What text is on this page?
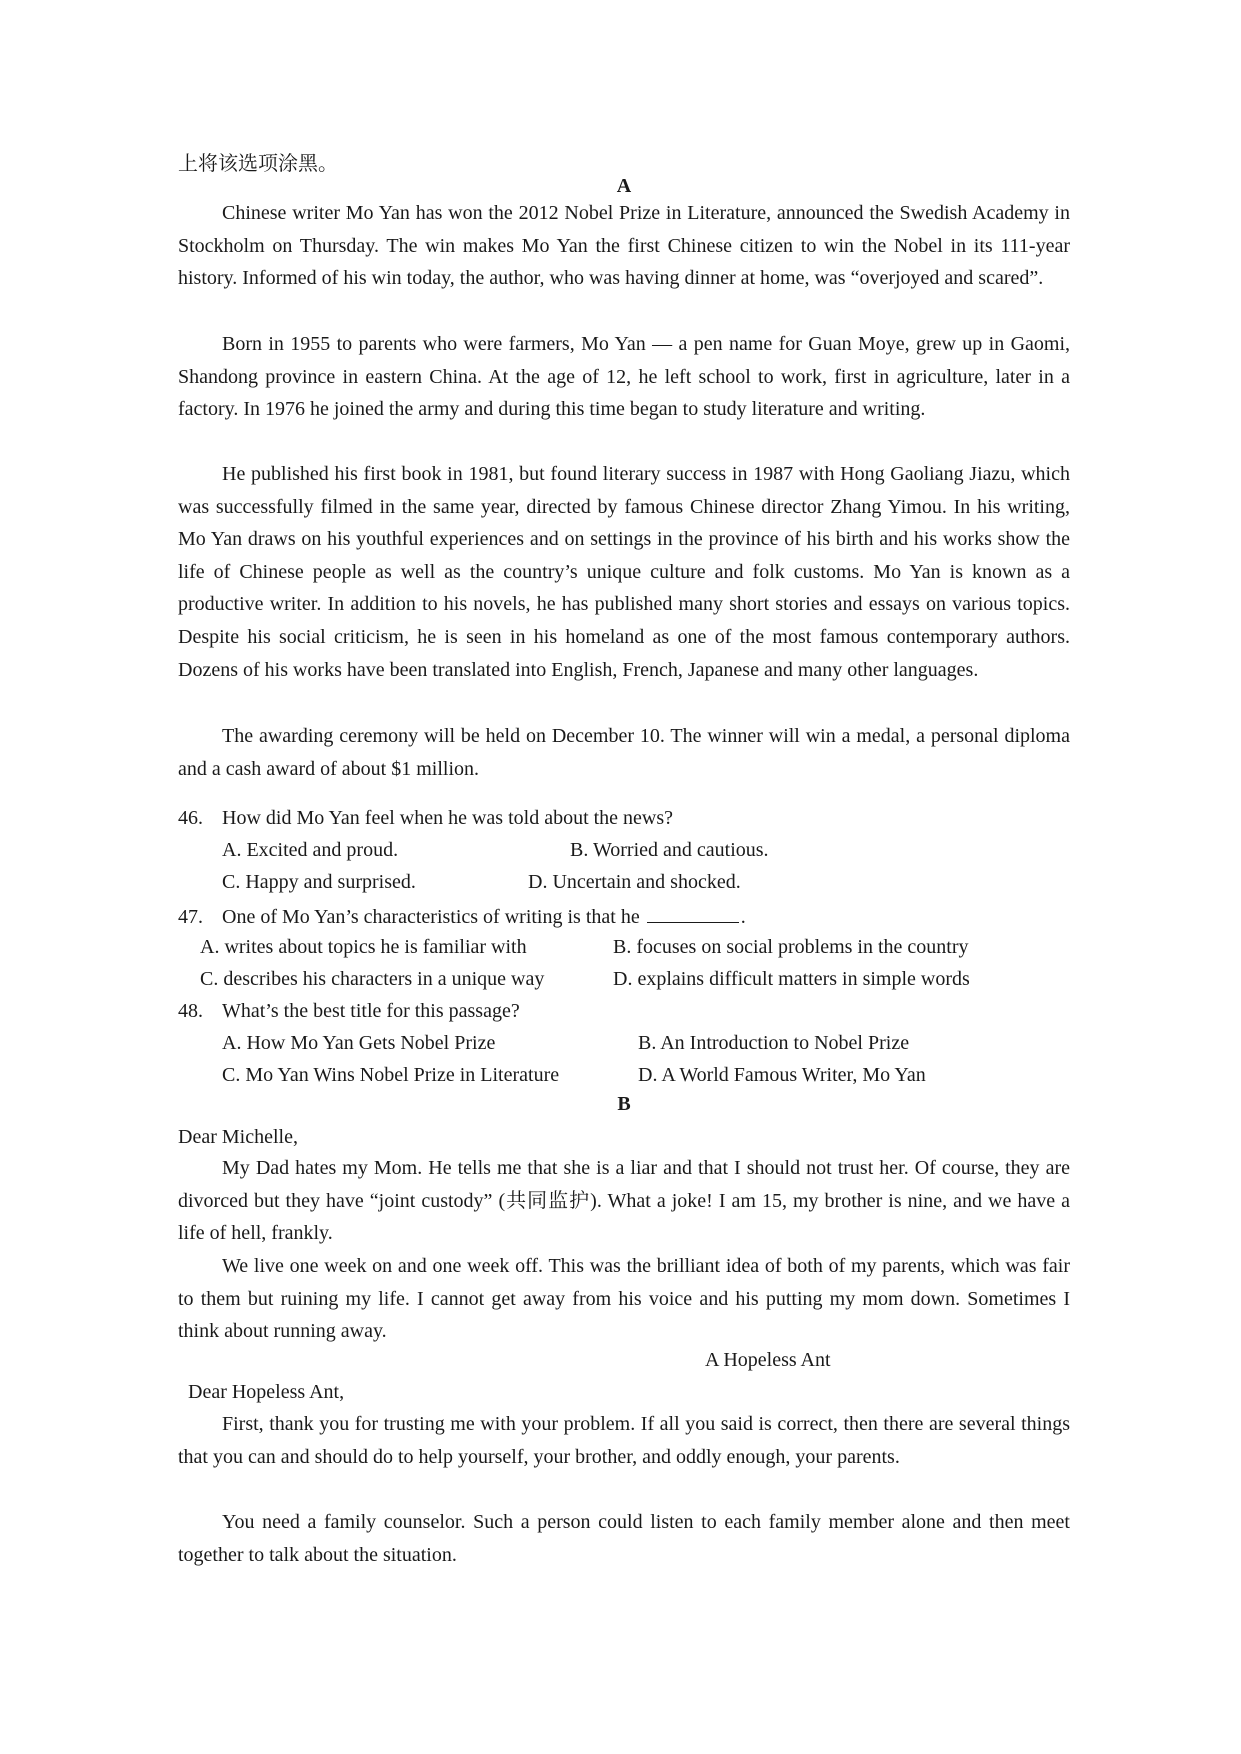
上将该选项涂黑。
A

Chinese writer Mo Yan has won the 2012 Nobel Prize in Literature, announced the Swedish Academy in Stockholm on Thursday. The win makes Mo Yan the first Chinese citizen to win the Nobel in its 111-year history. Informed of his win today, the author, who was having dinner at home, was “overjoyed and scared”.

Born in 1955 to parents who were farmers, Mo Yan — a pen name for Guan Moye, grew up in Gaomi, Shandong province in eastern China. At the age of 12, he left school to work, first in agriculture, later in a factory. In 1976 he joined the army and during this time began to study literature and writing.

He published his first book in 1981, but found literary success in 1987 with Hong Gaoliang Jiazu, which was successfully filmed in the same year, directed by famous Chinese director Zhang Yimou. In his writing, Mo Yan draws on his youthful experiences and on settings in the province of his birth and his works show the life of Chinese people as well as the country’s unique culture and folk customs. Mo Yan is known as a productive writer. In addition to his novels, he has published many short stories and essays on various topics. Despite his social criticism, he is seen in his homeland as one of the most famous contemporary authors. Dozens of his works have been translated into English, French, Japanese and many other languages.

The awarding ceremony will be held on December 10. The winner will win a medal, a personal diploma and a cash award of about $1 million.

46. How did Mo Yan feel when he was told about the news?
A. Excited and proud.	B. Worried and cautious.
C. Happy and surprised.	D. Uncertain and shocked.
47. One of Mo Yan’s characteristics of writing is that he	.
A. writes about topics he is familiar with	B. focuses on social problems in the country
C. describes his characters in a unique way	D. explains difficult matters in simple words
48. What’s the best title for this passage?
A. How Mo Yan Gets Nobel Prize	B. An Introduction to Nobel Prize
C. Mo Yan Wins Nobel Prize in Literature	D. A World Famous Writer, Mo Yan
B
Dear Michelle,

My Dad hates my Mom. He tells me that she is a liar and that I should not trust her. Of course, they are divorced but they have “joint custody” (共同监护). What a joke! I am 15, my brother is nine, and we have a life of hell, frankly.

We live one week on and one week off. This was the brilliant idea of both of my parents, which was fair to them but ruining my life. I cannot get away from his voice and his putting my mom down. Sometimes I think about running away.

A Hopeless Ant
Dear Hopeless Ant,

First, thank you for trusting me with your problem. If all you said is correct, then there are several things that you can and should do to help yourself, your brother, and oddly enough, your parents.

You need a family counselor. Such a person could listen to each family member alone and then meet together to talk about the situation.
